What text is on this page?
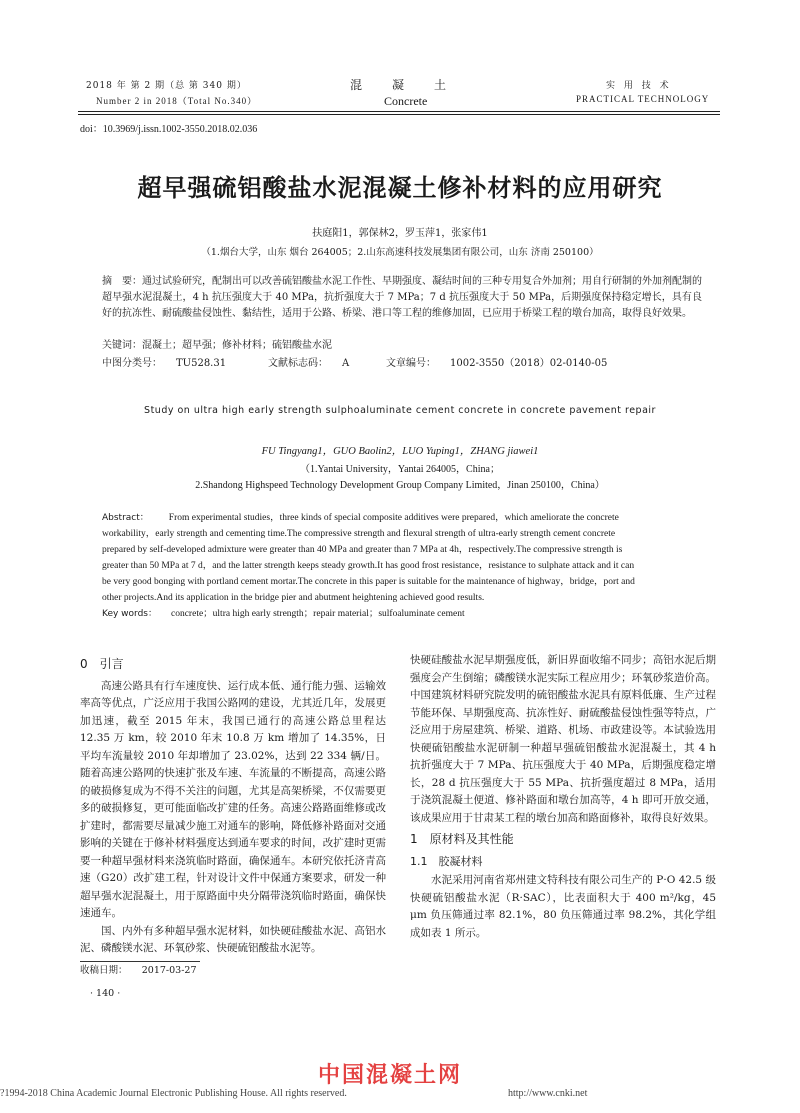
2018 年 第 2 期（总 第 340 期）
Number 2 in 2018（Total No.340）
混　　凝　　土
Concrete
实 用 技 术
PRACTICAL TECHNOLOGY
doi：10.3969/j.issn.1002-3550.2018.02.036
超早强硫铝酸盐水泥混凝土修补材料的应用研究
扶庭阳1，郭保林2，罗玉萍1，张家伟1
（1.烟台大学，山东 烟台 264005；2.山东高速科技发展集团有限公司，山东 济南 250100）
摘　要：通过试验研究，配制出可以改善硫铝酸盐水泥工作性、早期强度、凝结时间的三种专用复合外加剂；用自行研制的外加剂配制的超早强水泥混凝土，4 h 抗压强度大于 40 MPa，抗折强度大于 7 MPa；7 d 抗压强度大于 50 MPa，后期强度保持稳定增长，具有良好的抗冻性、耐硫酸盐侵蚀性、黏结性，适用于公路、桥梁、港口等工程的维修加固，已应用于桥梁工程的墩台加高，取得良好效果。
关键词：混凝土；超早强；修补材料；硫铝酸盐水泥
中图分类号： TU528.31	文献标志码： A	文章编号： 1002-3550（2018）02-0140-05
Study on ultra high early strength sulphoaluminate cement concrete in concrete pavement repair
FU Tingyang1，GUO Baolin2，LUO Yuping1，ZHANG jiawei1
（1.Yantai University，Yantai 264005，China；
2.Shandong Highspeed Technology Development Group Company Limited，Jinan 250100，China）
Abstract： From experimental studies，three kinds of special composite additives were prepared，which ameliorate the concrete
workability，early strength and cementing time.The compressive strength and flexural strength of ultra-early strength cement concrete
prepared by self-developed admixture were greater than 40 MPa and greater than 7 MPa at 4h，respectively.The compressive strength is
greater than 50 MPa at 7 d，and the latter strength keeps steady growth.It has good frost resistance，resistance to sulphate attack and it can
be very good bonging with portland cement mortar.The concrete in this paper is suitable for the maintenance of highway，bridge，port and
other projects.And its application in the bridge pier and abutment heightening achieved good results.
Key words： concrete；ultra high early strength；repair material；sulfoaluminate cement

0　引言

高速公路具有行车速度快、运行成本低、通行能力强、运输效率高等优点，广泛应用于我国公路网的建设，尤其近几年，发展更加迅速，截至 2015 年末，我国已通行的高速公路总里程达 12.35 万 km，较 2010 年末 10.8 万 km 增加了 14.35%，日平均车流量较 2010 年却增加了 23.02%，达到 22 334 辆/日。随着高速公路网的快速扩张及车速、车流量的不断提高，高速公路的破损修复成为不得不关注的问题，尤其是高架桥梁，不仅需要更多的破损修复，更可能面临改扩建的任务。高速公路路面维修或改扩建时，都需要尽量减少施工对通车的影响，降低修补路面对交通影响的关键在于修补材料强度达到通车要求的时间，改扩建时更需要一种超早强材料来浇筑临时路面，确保通车。本研究依托济青高速（G20）改扩建工程，针对设计文件中保通方案要求，研发一种超早强水泥混凝土，用于原路面中央分隔带浇筑临时路面，确保快速通车。

国、内外有多种超早强水泥材料，如快硬硅酸盐水泥、高铝水泥、磷酸镁水泥、环氧砂浆、快硬硫铝酸盐水泥等。

收稿日期：　　2017-03-27

· 140 ·

快硬硅酸盐水泥早期强度低，新旧界面收缩不同步；高铝水泥后期强度会产生倒缩；磷酸镁水泥实际工程应用少；环氧砂浆造价高。中国建筑材料研究院发明的硫铝酸盐水泥具有原料低廉、生产过程节能环保、早期强度高、抗冻性好、耐硫酸盐侵蚀性强等特点，广泛应用于房屋建筑、桥梁、道路、机场、市政建设等。本试验选用快硬硫铝酸盐水泥研制一种超早强硫铝酸盐水泥混凝土，其 4 h 抗折强度大于 7 MPa、抗压强度大于 40 MPa，后期强度稳定增长，28 d 抗压强度大于 55 MPa、抗折强度超过 8 MPa，适用于浇筑混凝土便道、修补路面和墩台加高等，4 h 即可开放交通，该成果应用于甘肃某工程的墩台加高和路面修补，取得良好效果。

1　原材料及其性能

1.1　胶凝材料

水泥采用河南省郑州建文特科技有限公司生产的 P·O 42.5 级快硬硫铝酸盐水泥（R·SAC），比表面积大于 400 m²/kg，45 μm 负压筛通过率 82.1%，80 负压筛通过率 98.2%，其化学组成如表 1 所示。

中国混凝土网
?1994-2018 China Academic Journal Electronic Publishing House. All rights reserved.	http://www.cnki.net
